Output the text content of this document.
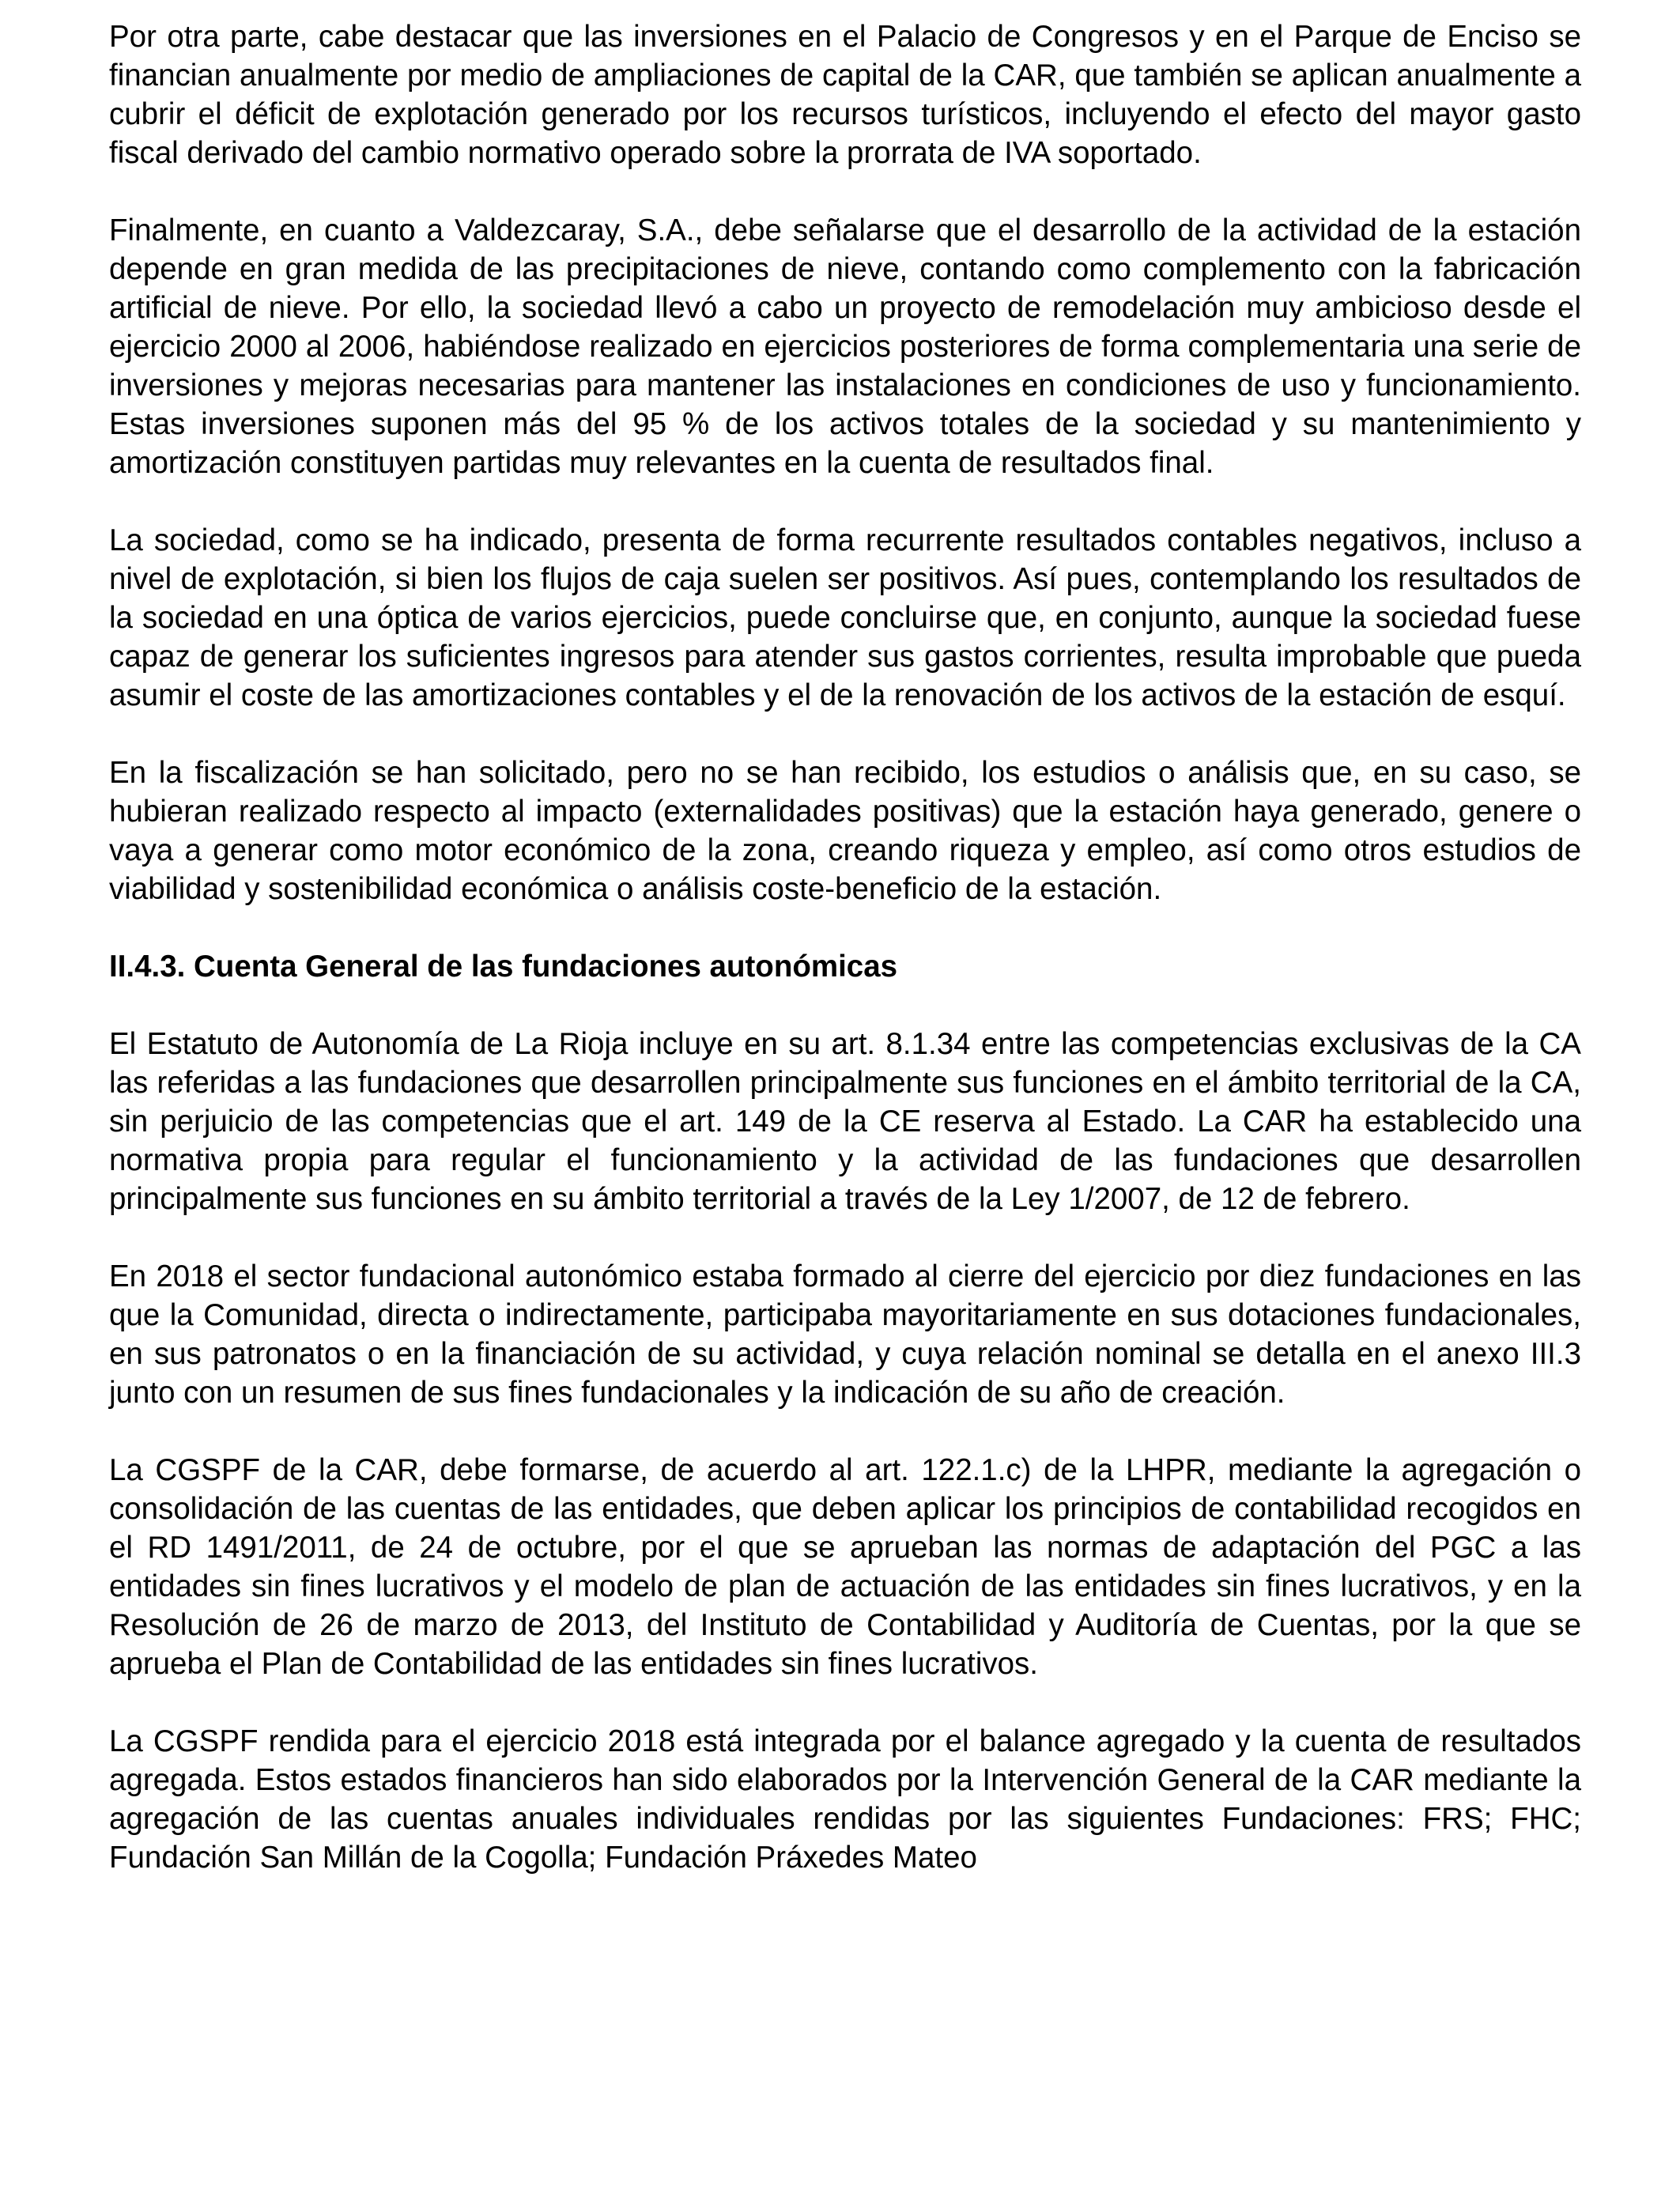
Por otra parte, cabe destacar que las inversiones en el Palacio de Congresos y en el Parque de Enciso se financian anualmente por medio de ampliaciones de capital de la CAR, que también se aplican anualmente a cubrir el déficit de explotación generado por los recursos turísticos, incluyendo el efecto del mayor gasto fiscal derivado del cambio normativo operado sobre la prorrata de IVA soportado.

Finalmente, en cuanto a Valdezcaray, S.A., debe señalarse que el desarrollo de la actividad de la estación depende en gran medida de las precipitaciones de nieve, contando como complemento con la fabricación artificial de nieve. Por ello, la sociedad llevó a cabo un proyecto de remodelación muy ambicioso desde el ejercicio 2000 al 2006, habiéndose realizado en ejercicios posteriores de forma complementaria una serie de inversiones y mejoras necesarias para mantener las instalaciones en condiciones de uso y funcionamiento. Estas inversiones suponen más del 95 % de los activos totales de la sociedad y su mantenimiento y amortización constituyen partidas muy relevantes en la cuenta de resultados final.

La sociedad, como se ha indicado, presenta de forma recurrente resultados contables negativos, incluso a nivel de explotación, si bien los flujos de caja suelen ser positivos. Así pues, contemplando los resultados de la sociedad en una óptica de varios ejercicios, puede concluirse que, en conjunto, aunque la sociedad fuese capaz de generar los suficientes ingresos para atender sus gastos corrientes, resulta improbable que pueda asumir el coste de las amortizaciones contables y el de la renovación de los activos de la estación de esquí.

En la fiscalización se han solicitado, pero no se han recibido, los estudios o análisis que, en su caso, se hubieran realizado respecto al impacto (externalidades positivas) que la estación haya generado, genere o vaya a generar como motor económico de la zona, creando riqueza y empleo, así como otros estudios de viabilidad y sostenibilidad económica o análisis coste-beneficio de la estación.

II.4.3. Cuenta General de las fundaciones autonómicas

El Estatuto de Autonomía de La Rioja incluye en su art. 8.1.34 entre las competencias exclusivas de la CA las referidas a las fundaciones que desarrollen principalmente sus funciones en el ámbito territorial de la CA, sin perjuicio de las competencias que el art. 149 de la CE reserva al Estado. La CAR ha establecido una normativa propia para regular el funcionamiento y la actividad de las fundaciones que desarrollen principalmente sus funciones en su ámbito territorial a través de la Ley 1/2007, de 12 de febrero.

En 2018 el sector fundacional autonómico estaba formado al cierre del ejercicio por diez fundaciones en las que la Comunidad, directa o indirectamente, participaba mayoritariamente en sus dotaciones fundacionales, en sus patronatos o en la financiación de su actividad, y cuya relación nominal se detalla en el anexo III.3 junto con un resumen de sus fines fundacionales y la indicación de su año de creación.

La CGSPF de la CAR, debe formarse, de acuerdo al art. 122.1.c) de la LHPR, mediante la agregación o consolidación de las cuentas de las entidades, que deben aplicar los principios de contabilidad recogidos en el RD 1491/2011, de 24 de octubre, por el que se aprueban las normas de adaptación del PGC a las entidades sin fines lucrativos y el modelo de plan de actuación de las entidades sin fines lucrativos, y en la Resolución de 26 de marzo de 2013, del Instituto de Contabilidad y Auditoría de Cuentas, por la que se aprueba el Plan de Contabilidad de las entidades sin fines lucrativos.

La CGSPF rendida para el ejercicio 2018 está integrada por el balance agregado y la cuenta de resultados agregada. Estos estados financieros han sido elaborados por la Intervención General de la CAR mediante la agregación de las cuentas anuales individuales rendidas por las siguientes Fundaciones: FRS; FHC; Fundación San Millán de la Cogolla; Fundación Práxedes Mateo
